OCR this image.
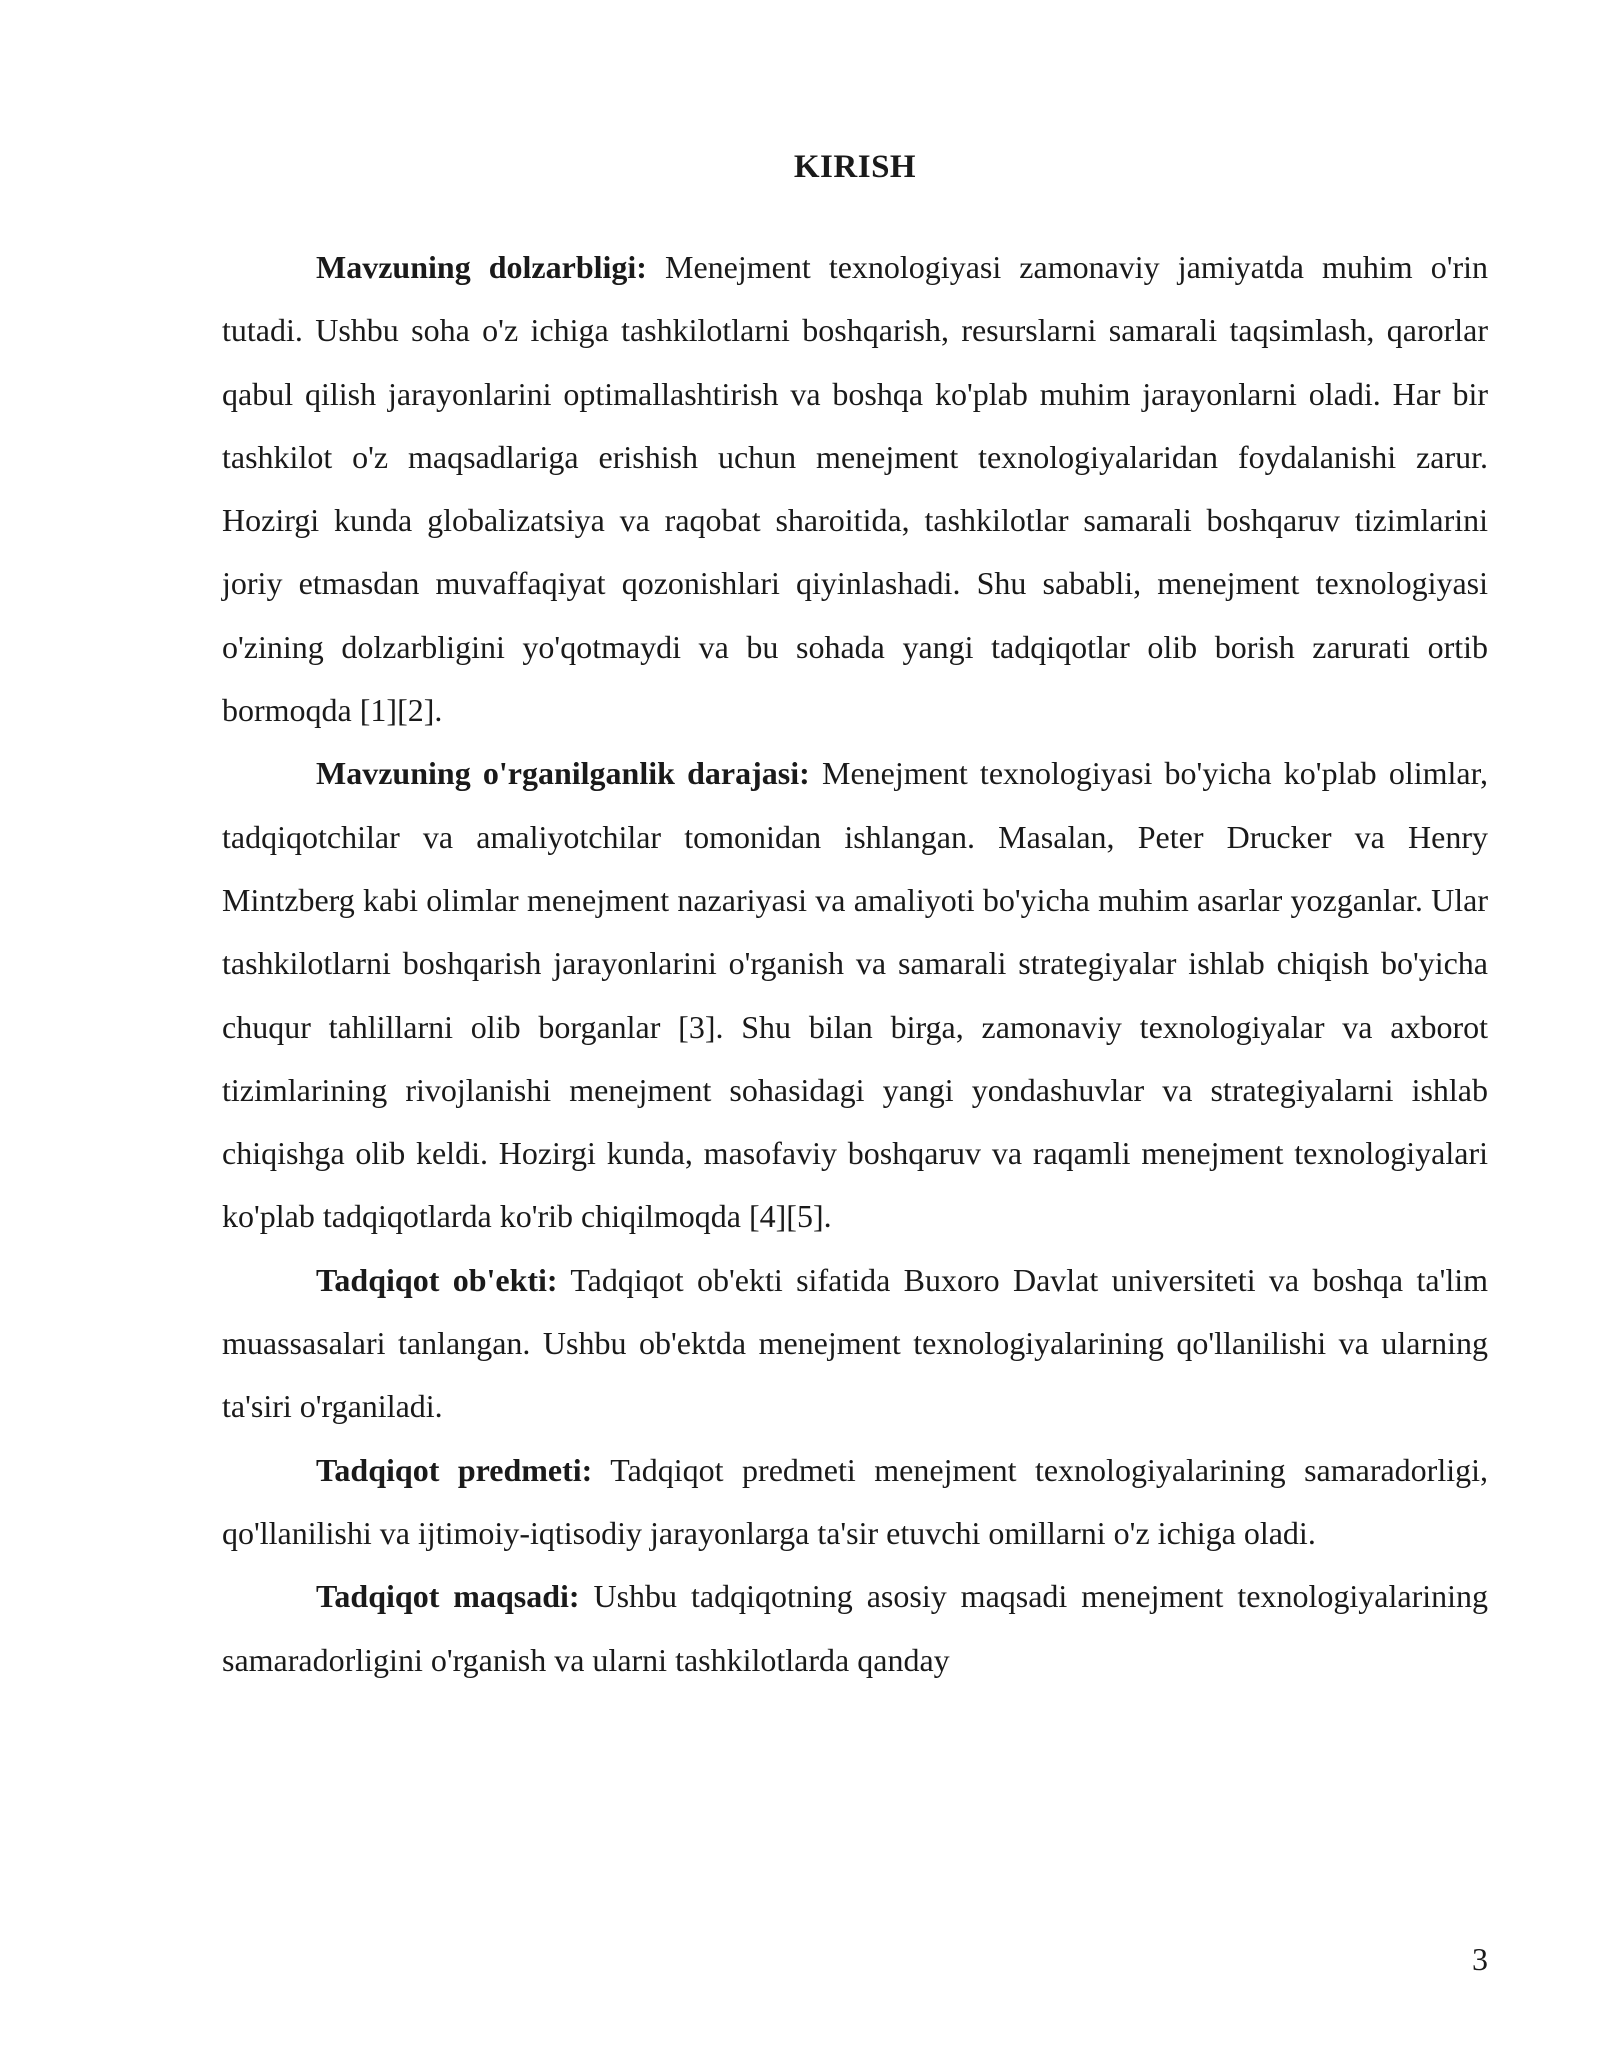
KIRISH

Mavzuning dolzarbligi: Menejment texnologiyasi zamonaviy jamiyatda muhim o'rin tutadi. Ushbu soha o'z ichiga tashkilotlarni boshqarish, resurslarni samarali taqsimlash, qarorlar qabul qilish jarayonlarini optimallashtirish va boshqa ko'plab muhim jarayonlarni oladi. Har bir tashkilot o'z maqsadlariga erishish uchun menejment texnologiyalaridan foydalanishi zarur. Hozirgi kunda globalizatsiya va raqobat sharoitida, tashkilotlar samarali boshqaruv tizimlarini joriy etmasdan muvaffaqiyat qozonishlari qiyinlashadi. Shu sababli, menejment texnologiyasi o'zining dolzarbligini yo'qotmaydi va bu sohada yangi tadqiqotlar olib borish zarurati ortib bormoqda [1][2].

Mavzuning o'rganilganlik darajasi: Menejment texnologiyasi bo'yicha ko'plab olimlar, tadqiqotchilar va amaliyotchilar tomonidan ishlangan. Masalan, Peter Drucker va Henry Mintzberg kabi olimlar menejment nazariyasi va amaliyoti bo'yicha muhim asarlar yozganlar. Ular tashkilotlarni boshqarish jarayonlarini o'rganish va samarali strategiyalar ishlab chiqish bo'yicha chuqur tahlillarni olib borganlar [3]. Shu bilan birga, zamonaviy texnologiyalar va axborot tizimlarining rivojlanishi menejment sohasidagi yangi yondashuvlar va strategiyalarni ishlab chiqishga olib keldi. Hozirgi kunda, masofaviy boshqaruv va raqamli menejment texnologiyalari ko'plab tadqiqotlarda ko'rib chiqilmoqda [4][5].

Tadqiqot ob'ekti: Tadqiqot ob'ekti sifatida Buxoro Davlat universiteti va boshqa ta'lim muassasalari tanlangan. Ushbu ob'ektda menejment texnologiyalarining qo'llanilishi va ularning ta'siri o'rganiladi.

Tadqiqot predmeti: Tadqiqot predmeti menejment texnologiyalarining samaradorligi, qo'llanilishi va ijtimoiy-iqtisodiy jarayonlarga ta'sir etuvchi omillarni o'z ichiga oladi.

Tadqiqot maqsadi: Ushbu tadqiqotning asosiy maqsadi menejment texnologiyalarining samaradorligini o'rganish va ularni tashkilotlarda qanday

3
